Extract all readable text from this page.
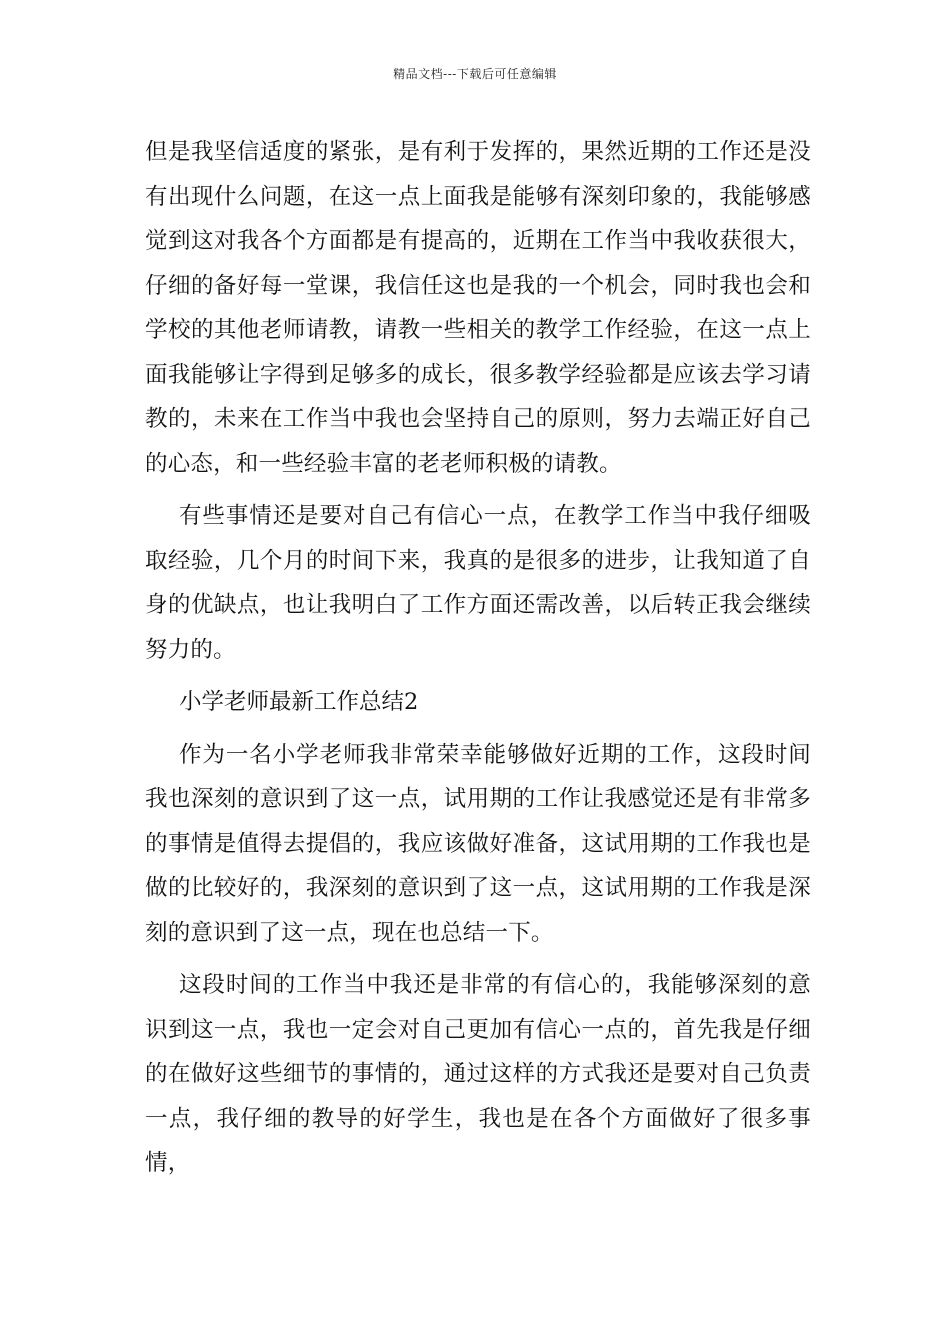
精品文档---下载后可任意编辑

但是我坚信适度的紧张，是有利于发挥的，果然近期的工作还是没有出现什么问题，在这一点上面我是能够有深刻印象的，我能够感觉到这对我各个方面都是有提高的，近期在工作当中我收获很大，仔细的备好每一堂课，我信任这也是我的一个机会，同时我也会和学校的其他老师请教，请教一些相关的教学工作经验，在这一点上面我能够让字得到足够多的成长，很多教学经验都是应该去学习请教的，未来在工作当中我也会坚持自己的原则，努力去端正好自己的心态，和一些经验丰富的老老师积极的请教。

有些事情还是要对自己有信心一点，在教学工作当中我仔细吸取经验，几个月的时间下来，我真的是很多的进步，让我知道了自身的优缺点，也让我明白了工作方面还需改善，以后转正我会继续努力的。

小学老师最新工作总结2

作为一名小学老师我非常荣幸能够做好近期的工作，这段时间我也深刻的意识到了这一点，试用期的工作让我感觉还是有非常多的事情是值得去提倡的，我应该做好准备，这试用期的工作我也是做的比较好的，我深刻的意识到了这一点，这试用期的工作我是深刻的意识到了这一点，现在也总结一下。

这段时间的工作当中我还是非常的有信心的，我能够深刻的意识到这一点，我也一定会对自己更加有信心一点的，首先我是仔细的在做好这些细节的事情的，通过这样的方式我还是要对自己负责一点，我仔细的教导的好学生，我也是在各个方面做好了很多事情，
